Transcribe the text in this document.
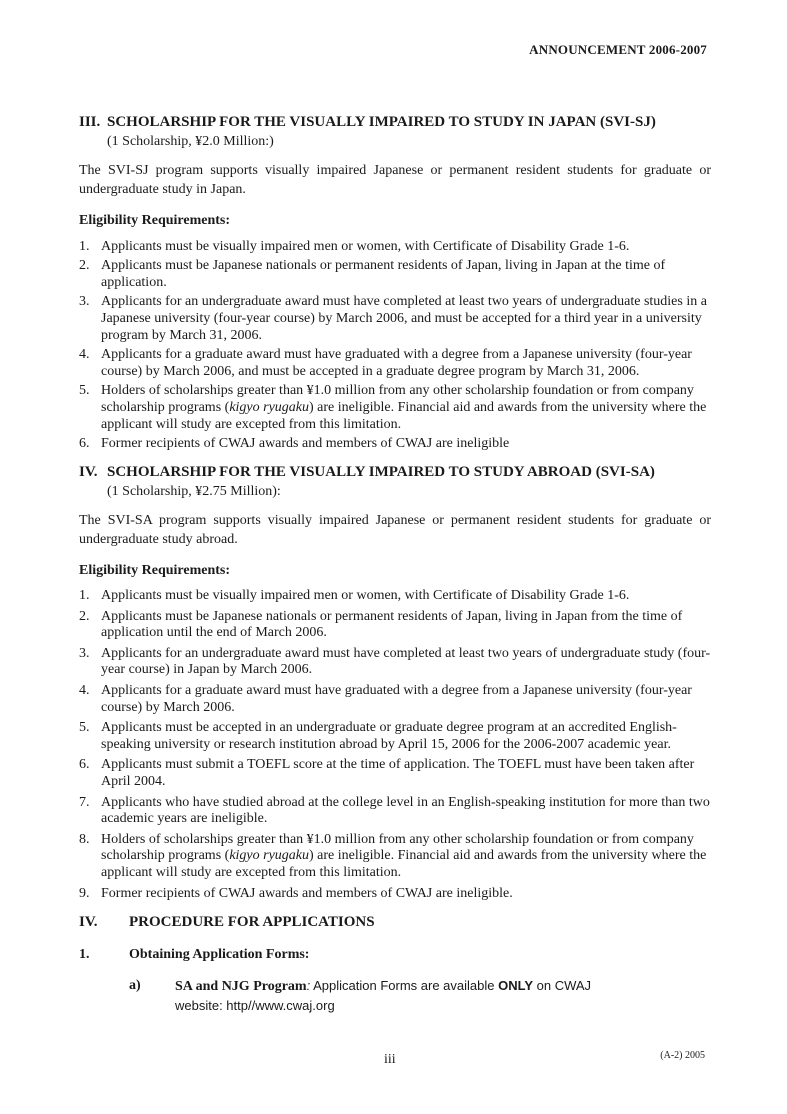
ANNOUNCEMENT 2006-2007

III. SCHOLARSHIP FOR THE VISUALLY IMPAIRED TO STUDY IN JAPAN (SVI-SJ)

(1 Scholarship, ¥2.0 Million:)

The SVI-SJ program supports visually impaired Japanese or permanent resident students for graduate or undergraduate study in Japan.

Eligibility Requirements:

1. Applicants must be visually impaired men or women, with Certificate of Disability Grade 1-6.
2. Applicants must be Japanese nationals or permanent residents of Japan, living in Japan at the time of application.
3. Applicants for an undergraduate award must have completed at least two years of undergraduate studies in a Japanese university (four-year course) by March 2006, and must be accepted for a third year in a university program by March 31, 2006.
4. Applicants for a graduate award must have graduated with a degree from a Japanese university (four-year course) by March 2006, and must be accepted in a graduate degree program by March 31, 2006.
5. Holders of scholarships greater than ¥1.0 million from any other scholarship foundation or from company scholarship programs (kigyo ryugaku) are ineligible. Financial aid and awards from the university where the applicant will study are excepted from this limitation.
6. Former recipients of CWAJ awards and members of CWAJ are ineligible

IV. SCHOLARSHIP FOR THE VISUALLY IMPAIRED TO STUDY ABROAD (SVI-SA)

(1 Scholarship, ¥2.75 Million):

The SVI-SA program supports visually impaired Japanese or permanent resident students for graduate or undergraduate study abroad.

Eligibility Requirements:

1. Applicants must be visually impaired men or women, with Certificate of Disability Grade 1-6.
2. Applicants must be Japanese nationals or permanent residents of Japan, living in Japan from the time of application until the end of March 2006.
3. Applicants for an undergraduate award must have completed at least two years of undergraduate study (four-year course) in Japan by March 2006.
4. Applicants for a graduate award must have graduated with a degree from a Japanese university (four-year course) by March 2006.
5. Applicants must be accepted in an undergraduate or graduate degree program at an accredited English-speaking university or research institution abroad by April 15, 2006 for the 2006-2007 academic year.
6. Applicants must submit a TOEFL score at the time of application. The TOEFL must have been taken after April 2004.
7. Applicants who have studied abroad at the college level in an English-speaking institution for more than two academic years are ineligible.
8. Holders of scholarships greater than ¥1.0 million from any other scholarship foundation or from company scholarship programs (kigyo ryugaku) are ineligible. Financial aid and awards from the university where the applicant will study are excepted from this limitation.
9. Former recipients of CWAJ awards and members of CWAJ are ineligible.
IV.	PROCEDURE FOR APPLICATIONS
1.	Obtaining Application Forms:
a)	SA and NJG Program: Application Forms are available ONLY on CWAJ
website: http//www.cwaj.org
iii	(A-2) 2005
